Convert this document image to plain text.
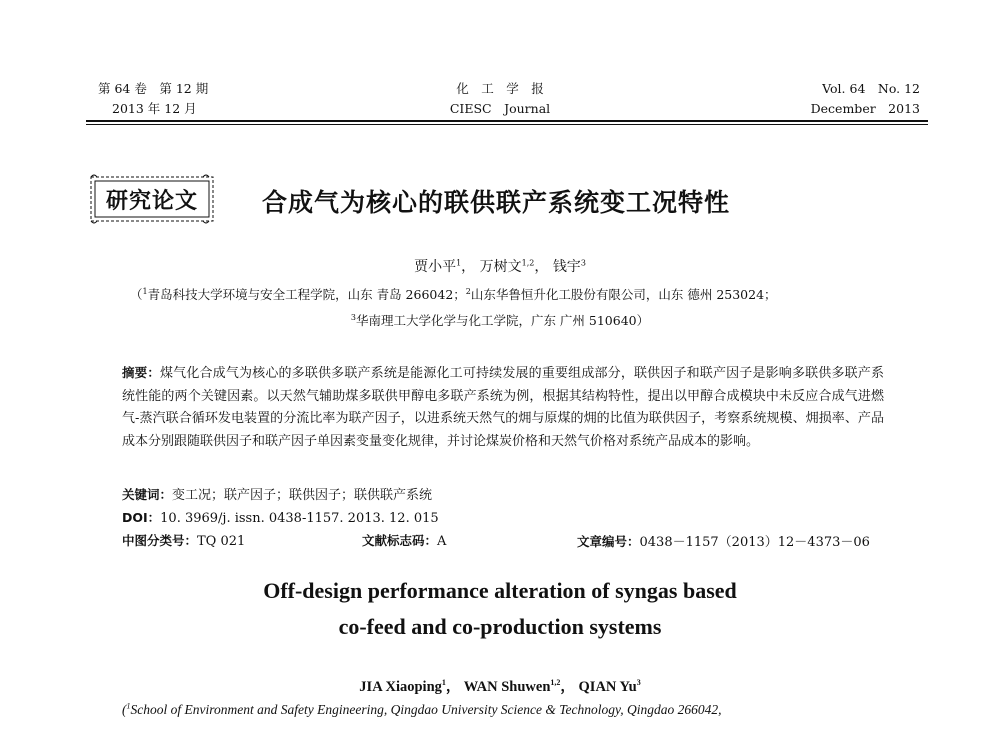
第 64 卷　第 12 期
2013 年 12 月
化　工　学　报
CIESC　Journal
Vol. 64　No. 12
December　2013
研究论文	合成气为核心的联供联产系统变工况特性
贾小平$^1$， 万树文$^{1,2}$， 钱宇$^3$
（$^1$青岛科技大学环境与安全工程学院，山东 青岛 266042；$^2$山东华鲁恒升化工股份有限公司，山东 德州 253024；
$^3$华南理工大学化学与化工学院，广东 广州 510640）
摘要：煤气化合成气为核心的多联供多联产系统是能源化工可持续发展的重要组成部分，联供因子和联产因子是影响多联供多联产系统性能的两个关键因素。以天然气辅助煤多联供甲醇电多联产系统为例，根据其结构特性，提出以甲醇合成模块中未反应合成气进燃气-蒸汽联合循环发电装置的分流比率为联产因子，以进系统天然气的㶲与原煤的㶲的比值为联供因子，考察系统规模、㶲损率、产品成本分别跟随联供因子和联产因子单因素变量变化规律，并讨论煤炭价格和天然气价格对系统产品成本的影响。
关键词：变工况；联产因子；联供因子；联供联产系统
DOI：10. 3969/j. issn. 0438-1157. 2013. 12. 015
中图分类号：TQ 021	文献标志码：A	文章编号：0438－1157（2013）12－4373－06
Off-design performance alteration of syngas based
co-feed and co-production systems
JIA Xiaoping$^1$， WAN Shuwen$^{1,2}$， QIAN Yu$^3$
($^1$School of Environment and Safety Engineering, Qingdao University Science & Technology, Qingdao 266042,
